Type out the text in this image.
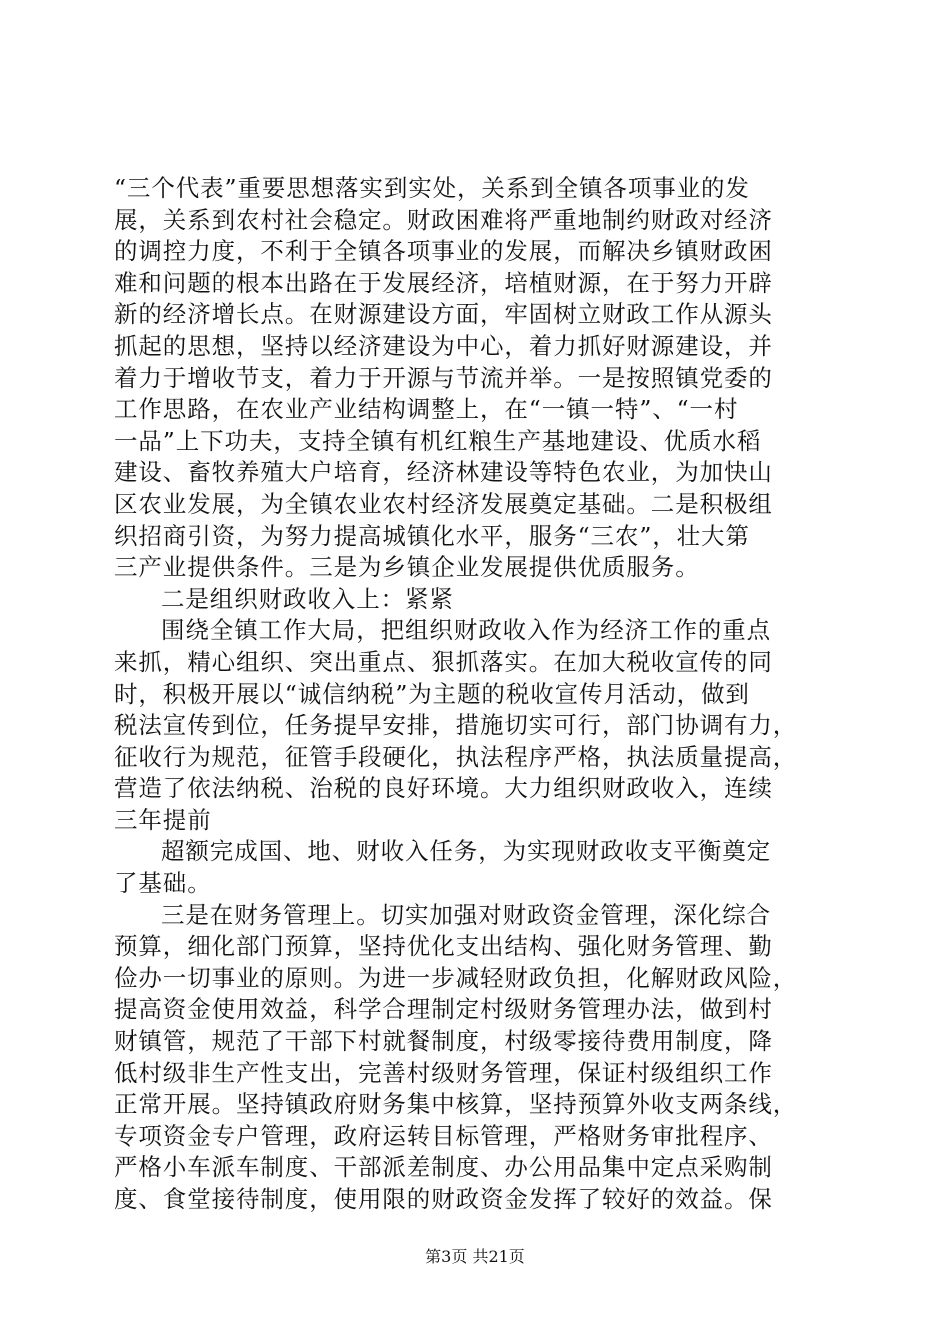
“三个代表”重要思想落实到实处，关系到全镇各项事业的发
展，关系到农村社会稳定。财政困难将严重地制约财政对经济
的调控力度，不利于全镇各项事业的发展，而解决乡镇财政困
难和问题的根本出路在于发展经济，培植财源，在于努力开辟
新的经济增长点。在财源建设方面，牢固树立财政工作从源头
抓起的思想，坚持以经济建设为中心，着力抓好财源建设，并
着力于增收节支，着力于开源与节流并举。一是按照镇党委的
工作思路，在农业产业结构调整上，在“一镇一特”、“一村
一品”上下功夫，支持全镇有机红粮生产基地建设、优质水稻
建设、畜牧养殖大户培育，经济林建设等特色农业，为加快山
区农业发展，为全镇农业农村经济发展奠定基础。二是积极组
织招商引资，为努力提高城镇化水平，服务“三农”，壮大第
三产业提供条件。三是为乡镇企业发展提供优质服务。
二是组织财政收入上：紧紧
围绕全镇工作大局，把组织财政收入作为经济工作的重点
来抓，精心组织、突出重点、狠抓落实。在加大税收宣传的同
时，积极开展以“诚信纳税”为主题的税收宣传月活动，做到
税法宣传到位，任务提早安排，措施切实可行，部门协调有力，
征收行为规范，征管手段硬化，执法程序严格，执法质量提高，
营造了依法纳税、治税的良好环境。大力组织财政收入，连续
三年提前
超额完成国、地、财收入任务，为实现财政收支平衡奠定
了基础。
三是在财务管理上。切实加强对财政资金管理，深化综合
预算，细化部门预算，坚持优化支出结构、强化财务管理、勤
俭办一切事业的原则。为进一步减轻财政负担，化解财政风险，
提高资金使用效益，科学合理制定村级财务管理办法，做到村
财镇管，规范了干部下村就餐制度，村级零接待费用制度，降
低村级非生产性支出，完善村级财务管理，保证村级组织工作
正常开展。坚持镇政府财务集中核算，坚持预算外收支两条线，
专项资金专户管理，政府运转目标管理，严格财务审批程序、
严格小车派车制度、干部派差制度、办公用品集中定点采购制
度、食堂接待制度，使用限的财政资金发挥了较好的效益。保
第3页 共21页
